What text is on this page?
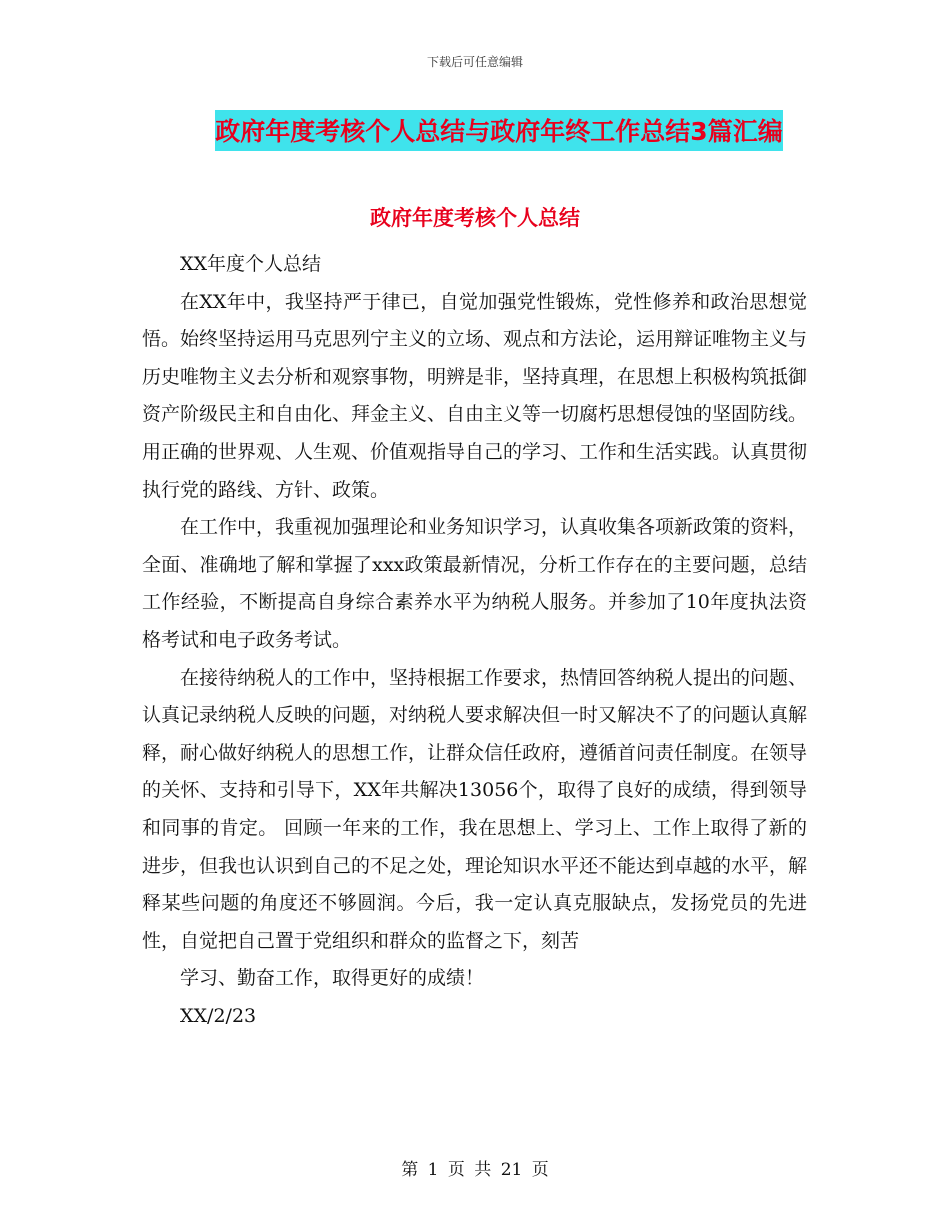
下载后可任意编辑
政府年度考核个人总结与政府年终工作总结3篇汇编
政府年度考核个人总结

XX年度个人总结

在XX年中，我坚持严于律已，自觉加强党性锻炼，党性修养和政治思想觉悟。始终坚持运用马克思列宁主义的立场、观点和方法论，运用辩证唯物主义与历史唯物主义去分析和观察事物，明辨是非，坚持真理，在思想上积极构筑抵御资产阶级民主和自由化、拜金主义、自由主义等一切腐朽思想侵蚀的坚固防线。用正确的世界观、人生观、价值观指导自己的学习、工作和生活实践。认真贯彻执行党的路线、方针、政策。

在工作中，我重视加强理论和业务知识学习，认真收集各项新政策的资料，全面、准确地了解和掌握了xxx政策最新情况，分析工作存在的主要问题，总结工作经验，不断提高自身综合素养水平为纳税人服务。并参加了10年度执法资格考试和电子政务考试。

在接待纳税人的工作中，坚持根据工作要求，热情回答纳税人提出的问题、认真记录纳税人反映的问题，对纳税人要求解决但一时又解决不了的问题认真解释，耐心做好纳税人的思想工作，让群众信任政府，遵循首问责任制度。在领导的关怀、支持和引导下，XX年共解决13056个，取得了良好的成绩，得到领导和同事的肯定。 回顾一年来的工作，我在思想上、学习上、工作上取得了新的进步，但我也认识到自己的不足之处，理论知识水平还不能达到卓越的水平，解释某些问题的角度还不够圆润。今后，我一定认真克服缺点，发扬党员的先进性，自觉把自己置于党组织和群众的监督之下，刻苦

学习、勤奋工作，取得更好的成绩！

XX/2/23

第 1 页 共 21 页
